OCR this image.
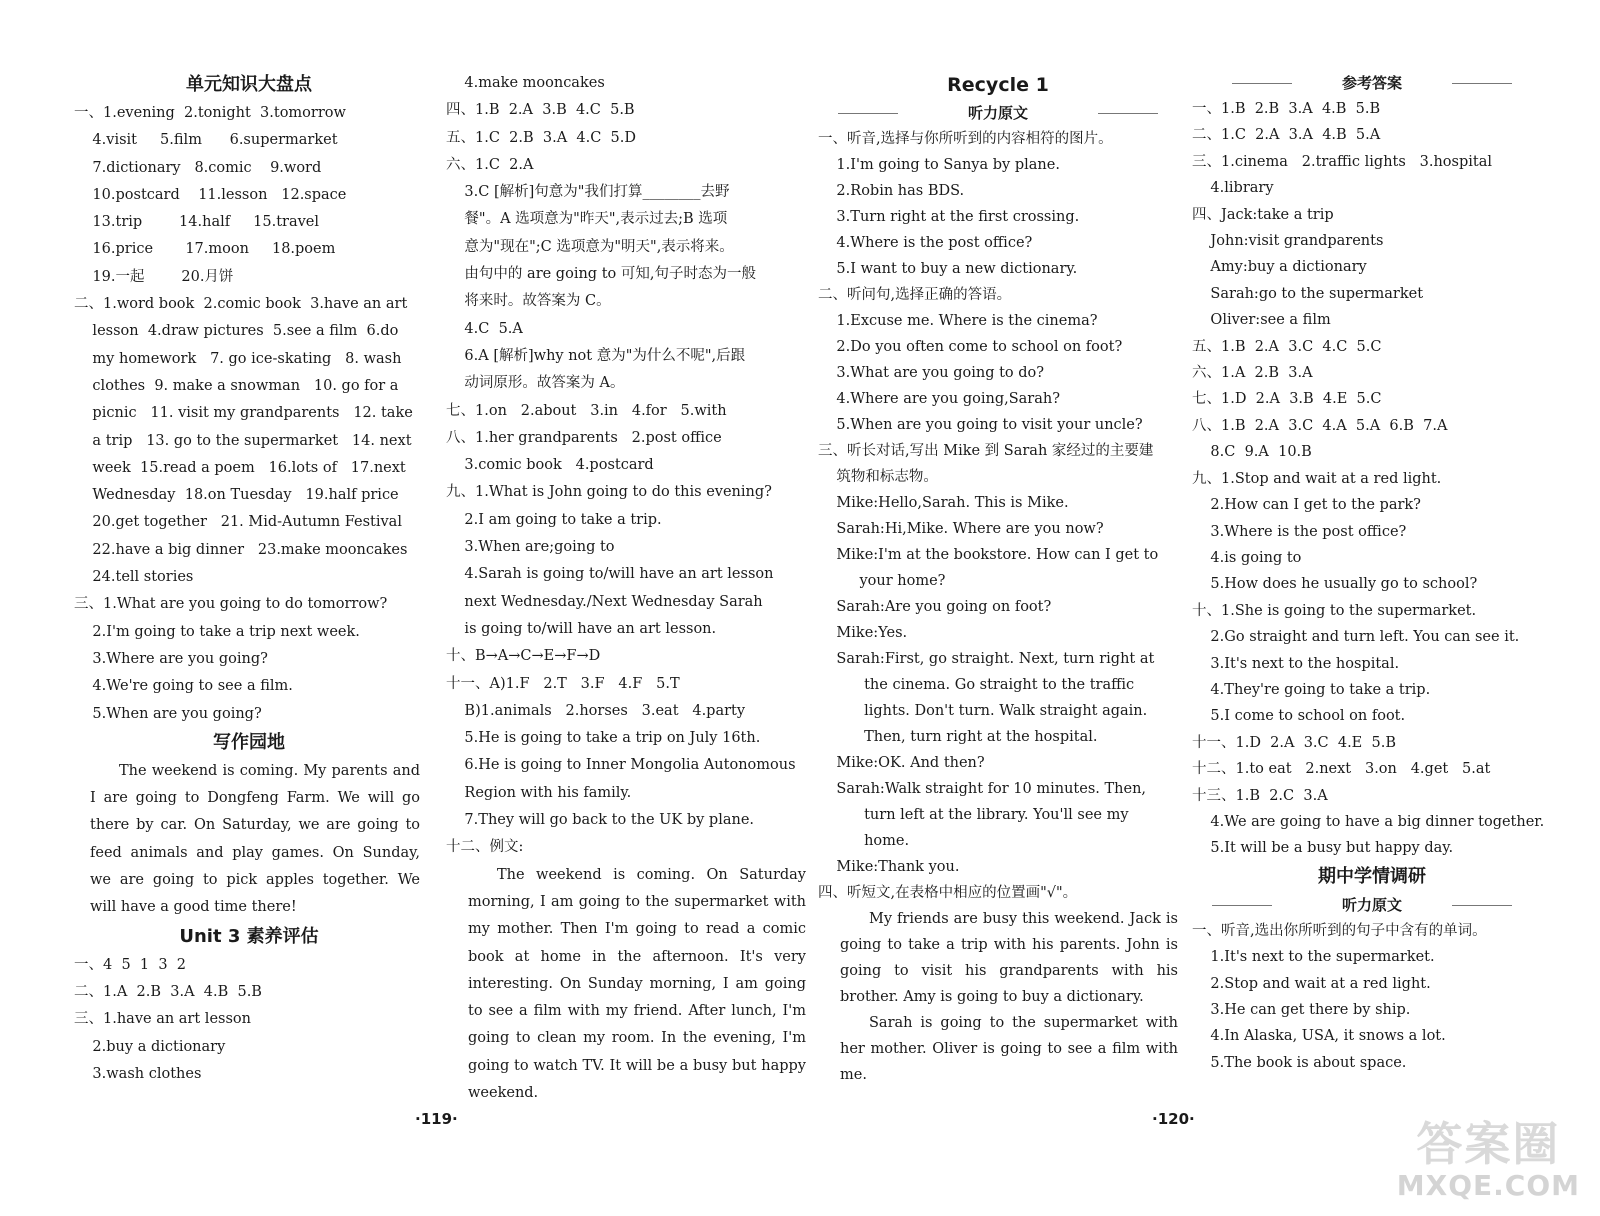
单元知识大盘点
一、1.evening  2.tonight  3.tomorrow
4.visit     5.film      6.supermarket
7.dictionary   8.comic    9.word
10.postcard    11.lesson   12.space
13.trip        14.half     15.travel
16.price       17.moon     18.poem
19.一起        20.月饼
二、1.word book  2.comic book  3.have an art
lesson  4.draw pictures  5.see a film  6.do
my homework   7. go ice-skating   8. wash
clothes  9. make a snowman   10. go for a
picnic   11. visit my grandparents   12. take
a trip   13. go to the supermarket   14. next
week  15.read a poem   16.lots of   17.next
Wednesday  18.on Tuesday   19.half price
20.get together   21. Mid-Autumn Festival
22.have a big dinner   23.make mooncakes
24.tell stories
三、1.What are you going to do tomorrow?
2.I'm going to take a trip next week.
3.Where are you going?
4.We're going to see a film.
5.When are you going?
写作园地
The weekend is coming. My parents and I are going to Dongfeng Farm. We will go there by car. On Saturday, we are going to feed animals and play games. On Sunday, we are going to pick apples together. We will have a good time there!
Unit 3 素养评估
一、4  5  1  3  2
二、1.A  2.B  3.A  4.B  5.B
三、1.have an art lesson
2.buy a dictionary
3.wash clothes
4.make mooncakes
四、1.B  2.A  3.B  4.C  5.B
五、1.C  2.B  3.A  4.C  5.D
六、1.C  2.A
3.C [解析]句意为"我们打算________去野
餐"。A 选项意为"昨天",表示过去;B 选项
意为"现在";C 选项意为"明天",表示将来。
由句中的 are going to 可知,句子时态为一般
将来时。故答案为 C。
4.C  5.A
6.A [解析]why not 意为"为什么不呢",后跟
动词原形。故答案为 A。
七、1.on   2.about   3.in   4.for   5.with
八、1.her grandparents   2.post office
3.comic book   4.postcard
九、1.What is John going to do this evening?
2.I am going to take a trip.
3.When are;going to
4.Sarah is going to/will have an art lesson
next Wednesday./Next Wednesday Sarah
is going to/will have an art lesson.
十、B→A→C→E→F→D
十一、A)1.F   2.T   3.F   4.F   5.T
B)1.animals   2.horses   3.eat   4.party
5.He is going to take a trip on July 16th.
6.He is going to Inner Mongolia Autonomous
Region with his family.
7.They will go back to the UK by plane.
十二、例文:
The weekend is coming. On Saturday morning, I am going to the supermarket with my mother. Then I'm going to read a comic book at home in the afternoon. It's very interesting. On Sunday morning, I am going to see a film with my friend. After lunch, I'm going to clean my room. In the evening, I'm going to watch TV. It will be a busy but happy weekend.
Recycle 1
听力原文
一、听音,选择与你所听到的内容相符的图片。
1.I'm going to Sanya by plane.
2.Robin has BDS.
3.Turn right at the first crossing.
4.Where is the post office?
5.I want to buy a new dictionary.
二、听问句,选择正确的答语。
1.Excuse me. Where is the cinema?
2.Do you often come to school on foot?
3.What are you going to do?
4.Where are you going,Sarah?
5.When are you going to visit your uncle?
三、听长对话,写出 Mike 到 Sarah 家经过的主要建
筑物和标志物。
Mike:Hello,Sarah. This is Mike.
Sarah:Hi,Mike. Where are you now?
Mike:I'm at the bookstore. How can I get to
your home?
Sarah:Are you going on foot?
Mike:Yes.
Sarah:First, go straight. Next, turn right at
the cinema. Go straight to the traffic
lights. Don't turn. Walk straight again.
Then, turn right at the hospital.
Mike:OK. And then?
Sarah:Walk straight for 10 minutes. Then,
turn left at the library. You'll see my
home.
Mike:Thank you.
四、听短文,在表格中相应的位置画"√"。
My friends are busy this weekend. Jack is going to take a trip with his parents. John is going to visit his grandparents with his brother. Amy is going to buy a dictionary.
Sarah is going to the supermarket with her mother. Oliver is going to see a film with me.
参考答案
一、1.B  2.B  3.A  4.B  5.B
二、1.C  2.A  3.A  4.B  5.A
三、1.cinema   2.traffic lights   3.hospital
4.library
四、Jack:take a trip
John:visit grandparents
Amy:buy a dictionary
Sarah:go to the supermarket
Oliver:see a film
五、1.B  2.A  3.C  4.C  5.C
六、1.A  2.B  3.A
七、1.D  2.A  3.B  4.E  5.C
八、1.B  2.A  3.C  4.A  5.A  6.B  7.A
8.C  9.A  10.B
九、1.Stop and wait at a red light.
2.How can I get to the park?
3.Where is the post office?
4.is going to
5.How does he usually go to school?
十、1.She is going to the supermarket.
2.Go straight and turn left. You can see it.
3.It's next to the hospital.
4.They're going to take a trip.
5.I come to school on foot.
十一、1.D  2.A  3.C  4.E  5.B
十二、1.to eat   2.next   3.on   4.get   5.at
十三、1.B  2.C  3.A
4.We are going to have a big dinner together.
5.It will be a busy but happy day.
期中学情调研
听力原文
一、听音,选出你所听到的句子中含有的单词。
1.It's next to the supermarket.
2.Stop and wait at a red light.
3.He can get there by ship.
4.In Alaska, USA, it snows a lot.
5.The book is about space.
·119·	·120·	答案圈
MXQE.COM
